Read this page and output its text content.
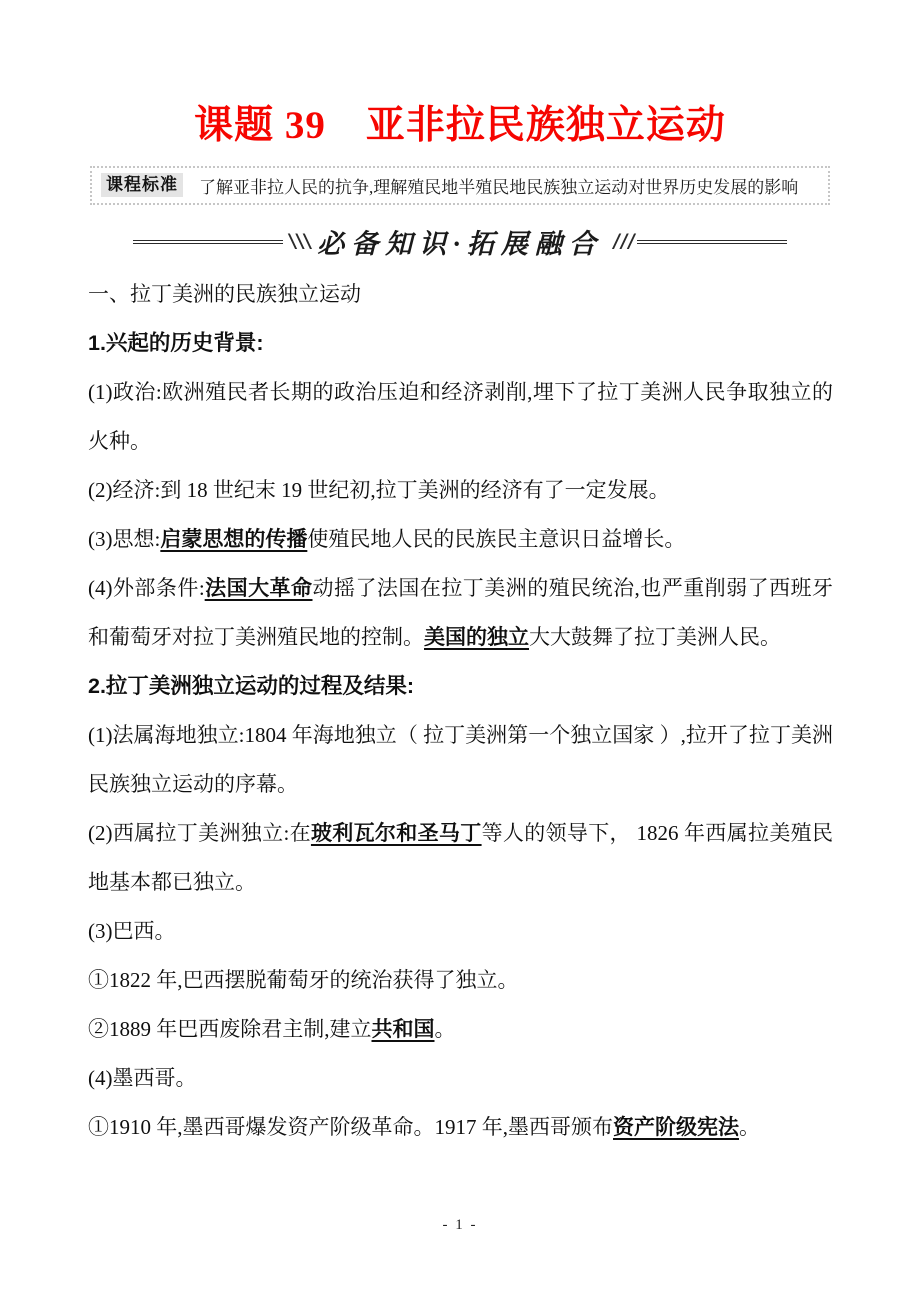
课题 39　亚非拉民族独立运动
课程标准 了解亚非拉人民的抗争,理解殖民地半殖民地民族独立运动对世界历史发展的影响
\\\ 必备知识·拓展融合 ///

一、拉丁美洲的民族独立运动

1.兴起的历史背景:

(1)政治:欧洲殖民者长期的政治压迫和经济剥削,埋下了拉丁美洲人民争取独立的火种。

(2)经济:到 18 世纪末 19 世纪初,拉丁美洲的经济有了一定发展。

(3)思想:启蒙思想的传播使殖民地人民的民族民主意识日益增长。

(4)外部条件:法国大革命动摇了法国在拉丁美洲的殖民统治,也严重削弱了西班牙和葡萄牙对拉丁美洲殖民地的控制。美国的独立大大鼓舞了拉丁美洲人民。

2.拉丁美洲独立运动的过程及结果:

(1)法属海地独立:1804 年海地独立（ 拉丁美洲第一个独立国家 ）,拉开了拉丁美洲民族独立运动的序幕。

(2)西属拉丁美洲独立:在玻利瓦尔和圣马丁等人的领导下， 1826 年西属拉美殖民地基本都已独立。

(3)巴西。

①1822 年,巴西摆脱葡萄牙的统治获得了独立。

②1889 年巴西废除君主制,建立共和国。

(4)墨西哥。

①1910 年,墨西哥爆发资产阶级革命。1917 年,墨西哥颁布资产阶级宪法。

- 1 -
